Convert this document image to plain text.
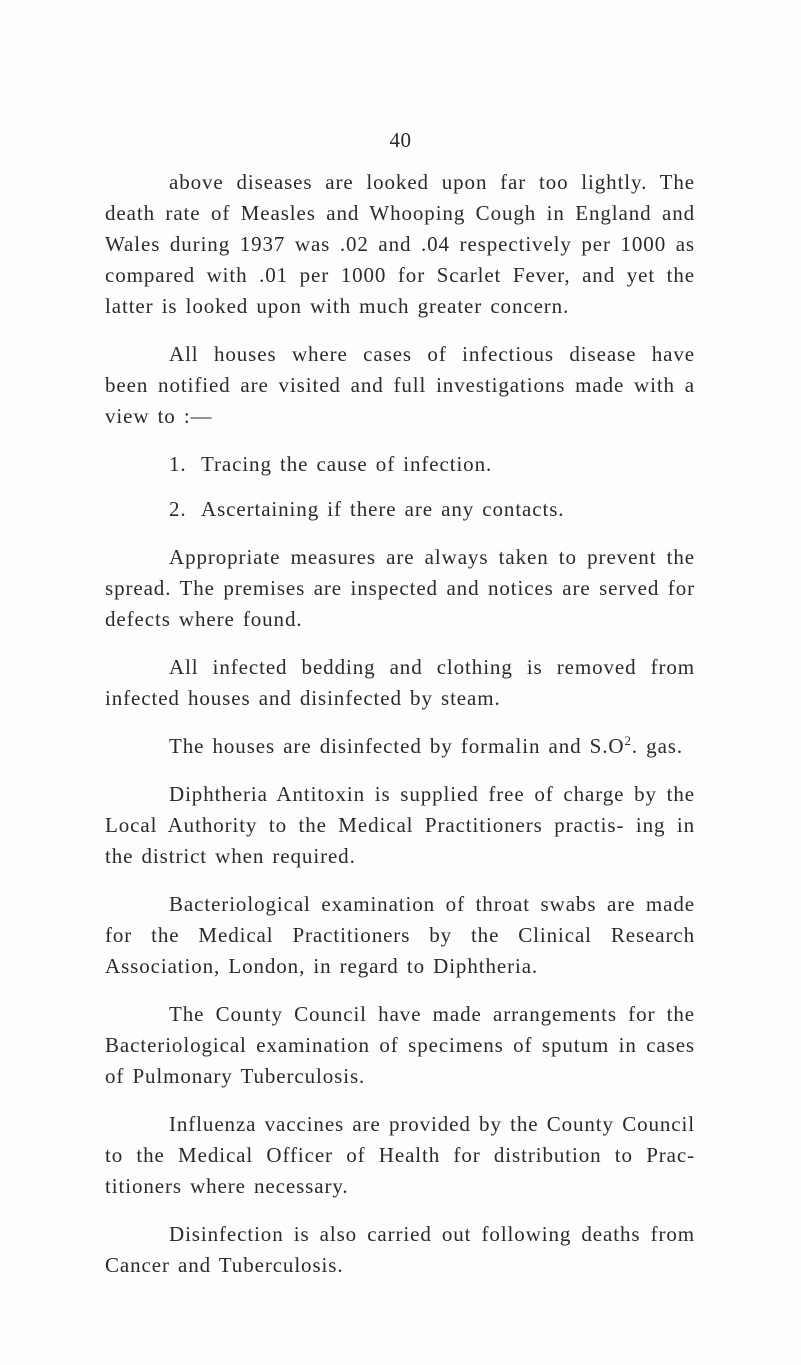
40

above diseases are looked upon far too lightly. The death rate of Measles and Whooping Cough in England and Wales during 1937 was .02 and .04 respectively per 1000 as compared with .01 per 1000 for Scarlet Fever, and yet the latter is looked upon with much greater concern.

All houses where cases of infectious disease have been notified are visited and full investigations made with a view to :—

1. Tracing the cause of infection.
2. Ascertaining if there are any contacts.

Appropriate measures are always taken to prevent the spread. The premises are inspected and notices are served for defects where found.

All infected bedding and clothing is removed from infected houses and disinfected by steam.

The houses are disinfected by formalin and $S.O^2$. gas.

Diphtheria Antitoxin is supplied free of charge by the Local Authority to the Medical Practitioners practis- ing in the district when required.

Bacteriological examination of throat swabs are made for the Medical Practitioners by the Clinical Research Association, London, in regard to Diphtheria.

The County Council have made arrangements for the Bacteriological examination of specimens of sputum in cases of Pulmonary Tuberculosis.

Influenza vaccines are provided by the County Council to the Medical Officer of Health for distribution to Prac- titioners where necessary.

Disinfection is also carried out following deaths from Cancer and Tuberculosis.
